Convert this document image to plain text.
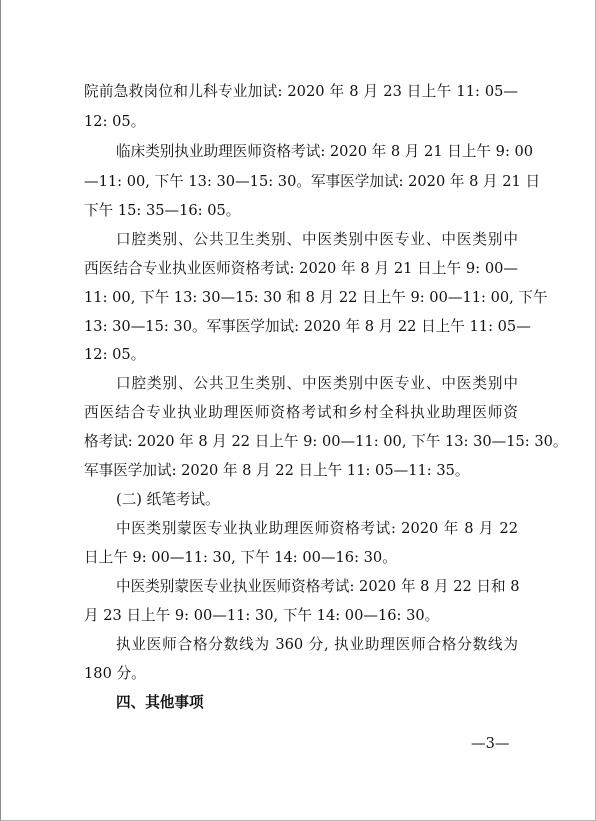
院前急救岗位和儿科专业加试: 2020 年 8 月 23 日上午 11: 05—
12: 05。
临床类别执业助理医师资格考试: 2020 年 8 月 21 日上午 9: 00
—11: 00, 下午 13: 30—15: 30。军事医学加试: 2020 年 8 月 21 日
下午 15: 35—16: 05。
口腔类别、公共卫生类别、中医类别中医专业、中医类别中
西医结合专业执业医师资格考试: 2020 年 8 月 21 日上午 9: 00—
11: 00, 下午 13: 30—15: 30 和 8 月 22 日上午 9: 00—11: 00, 下午
13: 30—15: 30。军事医学加试: 2020 年 8 月 22 日上午 11: 05—
12: 05。
口腔类别、公共卫生类别、中医类别中医专业、中医类别中
西医结合专业执业助理医师资格考试和乡村全科执业助理医师资
格考试: 2020 年 8 月 22 日上午 9: 00—11: 00, 下午 13: 30—15: 30。
军事医学加试: 2020 年 8 月 22 日上午 11: 05—11: 35。
(二) 纸笔考试。
中医类别蒙医专业执业助理医师资格考试: 2020 年 8 月 22
日上午 9: 00—11: 30, 下午 14: 00—16: 30。
中医类别蒙医专业执业医师资格考试: 2020 年 8 月 22 日和 8
月 23 日上午 9: 00—11: 30, 下午 14: 00—16: 30。
执业医师合格分数线为 360 分, 执业助理医师合格分数线为
180 分。
四、其他事项
—3—
